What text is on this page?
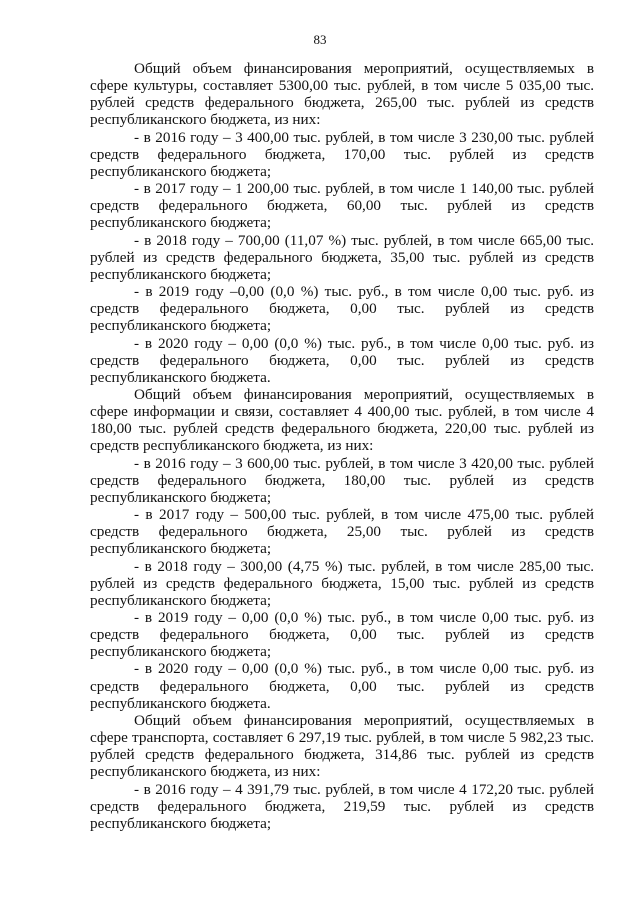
83

Общий объем финансирования мероприятий, осуществляемых в сфере культуры, составляет 5300,00 тыс. рублей, в том числе 5 035,00 тыс. рублей средств федерального бюджета, 265,00 тыс. рублей из средств республиканского бюджета, из них:

- в 2016 году – 3 400,00 тыс. рублей, в том числе 3 230,00 тыс. рублей средств федерального бюджета, 170,00 тыс. рублей из средств республиканского бюджета;

- в 2017 году – 1 200,00 тыс. рублей, в том числе 1 140,00 тыс. рублей средств федерального бюджета, 60,00 тыс. рублей из средств республиканского бюджета;

- в 2018 году – 700,00 (11,07 %) тыс. рублей, в том числе 665,00 тыс. рублей из средств федерального бюджета, 35,00 тыс. рублей из средств республиканского бюджета;

- в 2019 году –0,00 (0,0 %) тыс. руб., в том числе 0,00 тыс. руб. из средств федерального бюджета, 0,00 тыс. рублей из средств республиканского бюджета;

- в 2020 году – 0,00 (0,0 %) тыс. руб., в том числе 0,00 тыс. руб. из средств федерального бюджета, 0,00 тыс. рублей из средств республиканского бюджета.

Общий объем финансирования мероприятий, осуществляемых в сфере информации и связи, составляет 4 400,00 тыс. рублей, в том числе 4 180,00 тыс. рублей средств федерального бюджета, 220,00 тыс. рублей из средств республиканского бюджета, из них:

- в 2016 году – 3 600,00 тыс. рублей, в том числе 3 420,00 тыс. рублей средств федерального бюджета, 180,00 тыс. рублей из средств республиканского бюджета;

- в 2017 году – 500,00 тыс. рублей, в том числе 475,00 тыс. рублей средств федерального бюджета, 25,00 тыс. рублей из средств республиканского бюджета;

- в 2018 году – 300,00 (4,75 %) тыс. рублей, в том числе 285,00 тыс. рублей из средств федерального бюджета, 15,00 тыс. рублей из средств республиканского бюджета;

- в 2019 году – 0,00 (0,0 %) тыс. руб., в том числе 0,00 тыс. руб. из средств федерального бюджета, 0,00 тыс. рублей из средств республиканского бюджета;

- в 2020 году – 0,00 (0,0 %) тыс. руб., в том числе 0,00 тыс. руб. из средств федерального бюджета, 0,00 тыс. рублей из средств республиканского бюджета.

Общий объем финансирования мероприятий, осуществляемых в сфере транспорта, составляет 6 297,19 тыс. рублей, в том числе 5 982,23 тыс. рублей средств федерального бюджета, 314,86 тыс. рублей из средств республиканского бюджета, из них:

- в 2016 году – 4 391,79 тыс. рублей, в том числе 4 172,20 тыс. рублей средств федерального бюджета, 219,59 тыс. рублей из средств республиканского бюджета;
